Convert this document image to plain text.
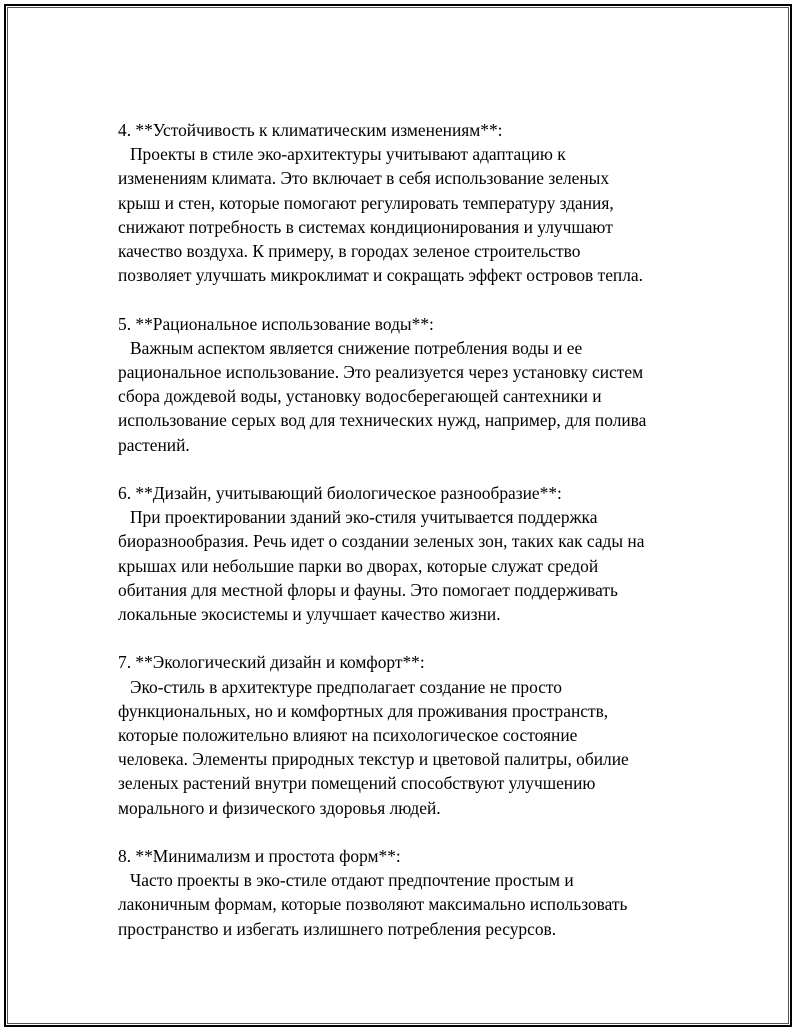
4. **Устойчивость к климатическим изменениям**:
Проекты в стиле эко-архитектуры учитывают адаптацию к
изменениям климата. Это включает в себя использование зеленых
крыш и стен, которые помогают регулировать температуру здания,
снижают потребность в системах кондиционирования и улучшают
качество воздуха. К примеру, в городах зеленое строительство
позволяет улучшать микроклимат и сокращать эффект островов тепла.
5. **Рациональное использование воды**:
Важным аспектом является снижение потребления воды и ее
рациональное использование. Это реализуется через установку систем
сбора дождевой воды, установку водосберегающей сантехники и
использование серых вод для технических нужд, например, для полива
растений.
6. **Дизайн, учитывающий биологическое разнообразие**:
При проектировании зданий эко-стиля учитывается поддержка
биоразнообразия. Речь идет о создании зеленых зон, таких как сады на
крышах или небольшие парки во дворах, которые служат средой
обитания для местной флоры и фауны. Это помогает поддерживать
локальные экосистемы и улучшает качество жизни.
7. **Экологический дизайн и комфорт**:
Эко-стиль в архитектуре предполагает создание не просто
функциональных, но и комфортных для проживания пространств,
которые положительно влияют на психологическое состояние
человека. Элементы природных текстур и цветовой палитры, обилие
зеленых растений внутри помещений способствуют улучшению
морального и физического здоровья людей.
8. **Минимализм и простота форм**:
Часто проекты в эко-стиле отдают предпочтение простым и
лаконичным формам, которые позволяют максимально использовать
пространство и избегать излишнего потребления ресурсов.
